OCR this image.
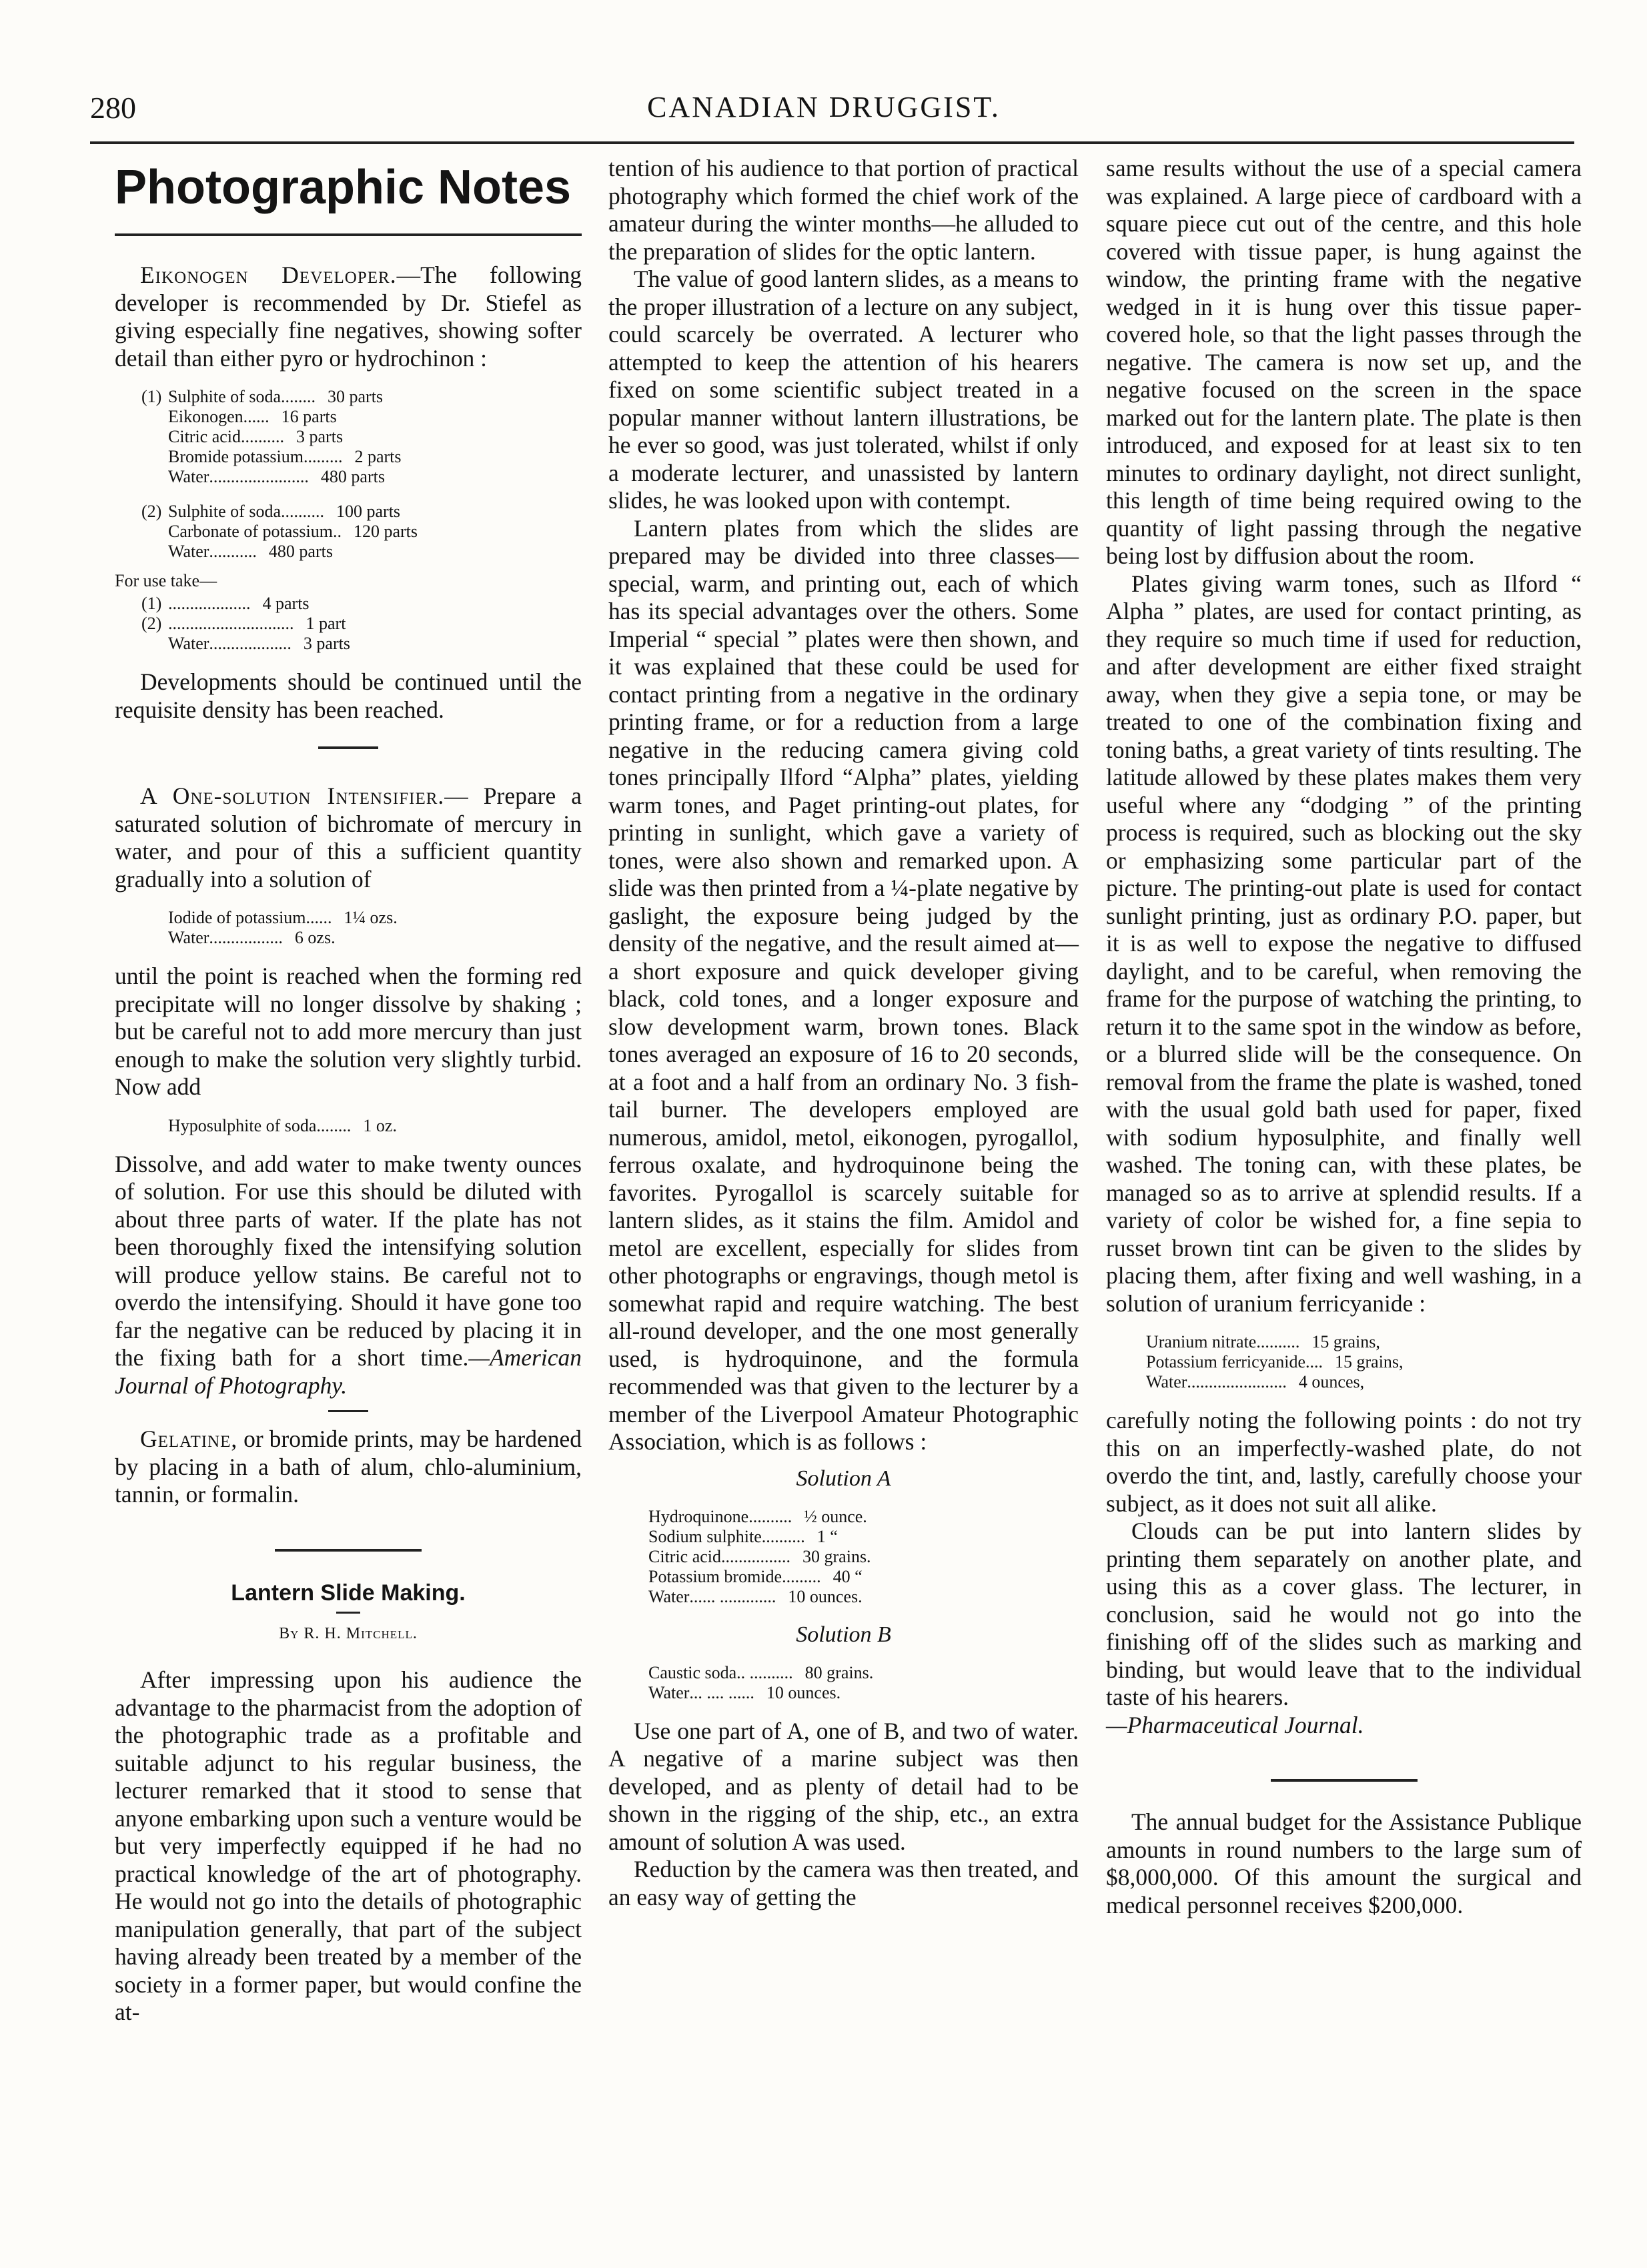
280	CANADIAN DRUGGIST.
Photographic Notes

Eikonogen Developer.—The following developer is recommended by Dr. Stiefel as giving especially fine negatives, showing softer detail than either pyro or hydrochinon :

(1) Sulphite of soda ........ 30 parts
Eikonogen ...... 16 parts
Citric acid .......... 3 parts
Bromide potassium ......... 2 parts
Water ....................... 480 parts
(2) Sulphite of soda .......... 100 parts
Carbonate of potassium. . 120 parts
Water ........... 480 parts
For use take—
(1) ................... 4 parts
(2) ............................. 1 part
Water ................... 3 parts

Developments should be continued until the requisite density has been reached.

A One-solution Intensifier.— Prepare a saturated solution of bichromate of mercury in water, and pour of this a sufficient quantity gradually into a solution of

Iodide of potassium ...... 1¼ ozs.
Water ................. 6 ozs.

until the point is reached when the forming red precipitate will no longer dissolve by shaking ; but be careful not to add more mercury than just enough to make the solution very slightly turbid. Now add

Hyposulphite of soda ........ 1 oz.

Dissolve, and add water to make twenty ounces of solution. For use this should be diluted with about three parts of water. If the plate has not been thoroughly fixed the intensifying solution will produce yellow stains. Be careful not to overdo the intensifying. Should it have gone too far the negative can be reduced by placing it in the fixing bath for a short time.—American Journal of Photography.

Gelatine, or bromide prints, may be hardened by placing in a bath of alum, chlo-aluminium, tannin, or formalin.

Lantern Slide Making.
By R. H. Mitchell.

After impressing upon his audience the advantage to the pharmacist from the adoption of the photographic trade as a profitable and suitable adjunct to his regular business, the lecturer remarked that it stood to sense that anyone embarking upon such a venture would be but very imperfectly equipped if he had no practical knowledge of the art of photography. He would not go into the details of photographic manipulation generally, that part of the subject having already been treated by a member of the society in a former paper, but would confine the at-

tention of his audience to that portion of practical photography which formed the chief work of the amateur during the winter months—he alluded to the preparation of slides for the optic lantern.

The value of good lantern slides, as a means to the proper illustration of a lecture on any subject, could scarcely be overrated. A lecturer who attempted to keep the attention of his hearers fixed on some scientific subject treated in a popular manner without lantern illustrations, be he ever so good, was just tolerated, whilst if only a moderate lecturer, and unassisted by lantern slides, he was looked upon with contempt.

Lantern plates from which the slides are prepared may be divided into three classes—special, warm, and printing out, each of which has its special advantages over the others. Some Imperial “ special ” plates were then shown, and it was explained that these could be used for contact printing from a negative in the ordinary printing frame, or for a reduction from a large negative in the reducing camera giving cold tones principally Ilford “Alpha” plates, yielding warm tones, and Paget printing-out plates, for printing in sunlight, which gave a variety of tones, were also shown and remarked upon. A slide was then printed from a ¼-plate negative by gaslight, the exposure being judged by the density of the negative, and the result aimed at—a short exposure and quick developer giving black, cold tones, and a longer exposure and slow development warm, brown tones. Black tones averaged an exposure of 16 to 20 seconds, at a foot and a half from an ordinary No. 3 fish-tail burner. The developers employed are numerous, amidol, metol, eikonogen, pyrogallol, ferrous oxalate, and hydroquinone being the favorites. Pyrogallol is scarcely suitable for lantern slides, as it stains the film. Amidol and metol are excellent, especially for slides from other photographs or engravings, though metol is somewhat rapid and require watching. The best all-round developer, and the one most generally used, is hydroquinone, and the formula recommended was that given to the lecturer by a member of the Liverpool Amateur Photographic Association, which is as follows :

Solution A
Hydroquinone .......... ½ ounce.
Sodium sulphite .......... 1 “
Citric acid ................ 30 grains.
Potassium bromide ......... 40 “
Water ...... ............. 10 ounces.
Solution B
Caustic soda .. .......... 80 grains.
Water ... .... ...... 10 ounces.

Use one part of A, one of B, and two of water. A negative of a marine subject was then developed, and as plenty of detail had to be shown in the rigging of the ship, etc., an extra amount of solution A was used.

Reduction by the camera was then treated, and an easy way of getting the

same results without the use of a special camera was explained. A large piece of cardboard with a square piece cut out of the centre, and this hole covered with tissue paper, is hung against the window, the printing frame with the negative wedged in it is hung over this tissue paper-covered hole, so that the light passes through the negative. The camera is now set up, and the negative focused on the screen in the space marked out for the lantern plate. The plate is then introduced, and exposed for at least six to ten minutes to ordinary daylight, not direct sunlight, this length of time being required owing to the quantity of light passing through the negative being lost by diffusion about the room.

Plates giving warm tones, such as Ilford “ Alpha ” plates, are used for contact printing, as they require so much time if used for reduction, and after development are either fixed straight away, when they give a sepia tone, or may be treated to one of the combination fixing and toning baths, a great variety of tints resulting. The latitude allowed by these plates makes them very useful where any “dodging ” of the printing process is required, such as blocking out the sky or emphasizing some particular part of the picture. The printing-out plate is used for contact sunlight printing, just as ordinary P.O. paper, but it is as well to expose the negative to diffused daylight, and to be careful, when removing the frame for the purpose of watching the printing, to return it to the same spot in the window as before, or a blurred slide will be the consequence. On removal from the frame the plate is washed, toned with the usual gold bath used for paper, fixed with sodium hyposulphite, and finally well washed. The toning can, with these plates, be managed so as to arrive at splendid results. If a variety of color be wished for, a fine sepia to russet brown tint can be given to the slides by placing them, after fixing and well washing, in a solution of uranium ferricyanide :

Uranium nitrate .......... 15 grains,
Potassium ferricyanide .... 15 grains,
Water ....................... 4 ounces,

carefully noting the following points : do not try this on an imperfectly-washed plate, do not overdo the tint, and, lastly, carefully choose your subject, as it does not suit all alike.

Clouds can be put into lantern slides by printing them separately on another plate, and using this as a cover glass. The lecturer, in conclusion, said he would not go into the finishing off of the slides such as marking and binding, but would leave that to the individual taste of his hearers.
—Pharmaceutical Journal.

The annual budget for the Assistance Publique amounts in round numbers to the large sum of $8,000,000. Of this amount the surgical and medical personnel receives $200,000.
